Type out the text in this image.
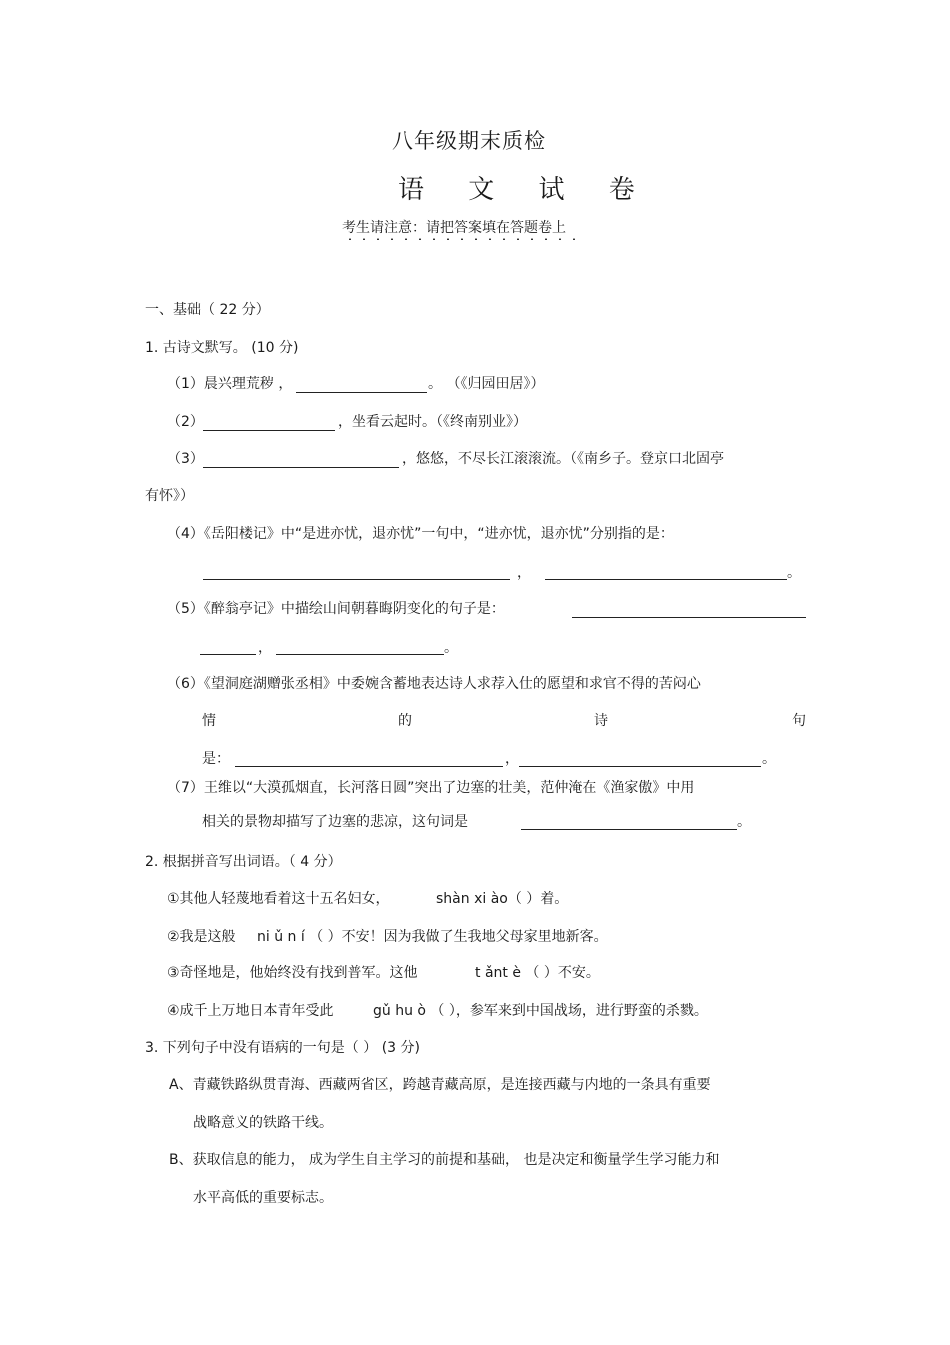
八年级期末质检
语 文 试 卷
考生请注意：请把答案填在答题卷上
一、基础（ 22 分）
1. 古诗文默写。 (10 分)
（1）晨兴理荒秽 ，	。 （《归园田居》）
（2）	，坐看云起时。（《终南别业》）
（3）	，悠悠，不尽长江滚滚流。（《南乡子。登京口北固亭
有怀》）
（4）《岳阳楼记》中“是进亦忧，退亦忧”一句中，“进亦忧，退亦忧”分别指的是：
，	。
（5）《醉翁亭记》中描绘山间朝暮晦阴变化的句子是：
，	。
（6）《望洞庭湖赠张丞相》中委婉含蓄地表达诗人求荐入仕的愿望和求官不得的苦闷心
情	的	诗	句
是：	，	。
（7）王维以“大漠孤烟直，长河落日圆”突出了边塞的壮美，范仲淹在《渔家傲》中用
相关的景物却描写了边塞的悲凉，这句词是	。
2. 根据拼音写出词语。（ 4 分）
①其他人轻蔑地看着这十五名妇女，	shàn xi ào（ ）着。
②我是这般 ni ǔ n í （ ）不安！因为我做了生我地父母家里地新客。
③奇怪地是，他始终没有找到普军。这他	t ǎnt è （ ）不安。
④成千上万地日本青年受此	gǔ hu ò （ ），参军来到中国战场，进行野蛮的杀戮。
3. 下列句子中没有语病的一句是（ ） (3 分)
A、青藏铁路纵贯青海、西藏两省区，跨越青藏高原，是连接西藏与内地的一条具有重要
战略意义的铁路干线。
B、获取信息的能力， 成为学生自主学习的前提和基础， 也是决定和衡量学生学习能力和
水平高低的重要标志。
